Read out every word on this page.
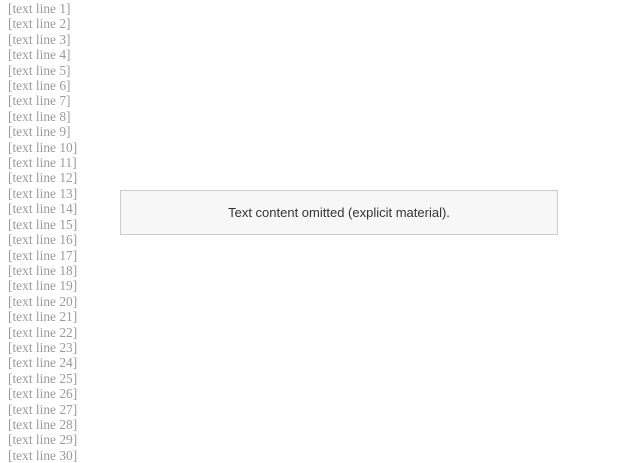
[text line 1]
[text line 2]
[text line 3]
[text line 4]
[text line 5]
[text line 6]
[text line 7]
[text line 8]
[text line 9]
[text line 10]
[text line 11]
[text line 12]
[text line 13]
[text line 14]
[text line 15]
[text line 16]
[text line 17]
[text line 18]
[text line 19]
[text line 20]
[text line 21]
[text line 22]
[text line 23]
[text line 24]
[text line 25]
[text line 26]
[text line 27]
[text line 28]
[text line 29]
[text line 30]
Text content omitted (explicit material).
